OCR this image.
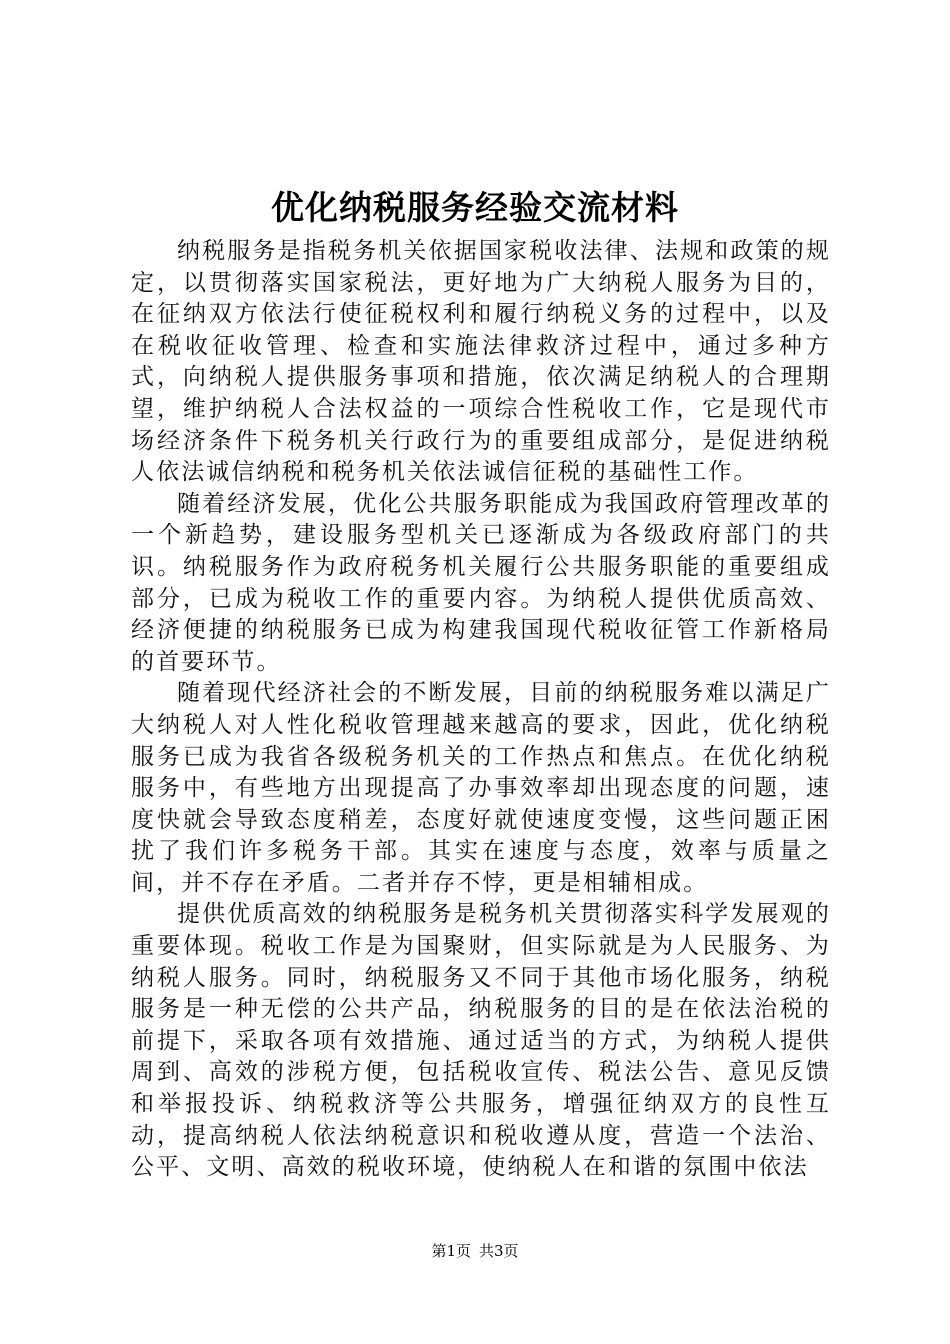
优化纳税服务经验交流材料

纳税服务是指税务机关依据国家税收法律、法规和政策的规定，以贯彻落实国家税法，更好地为广大纳税人服务为目的，在征纳双方依法行使征税权利和履行纳税义务的过程中，以及在税收征收管理、检查和实施法律救济过程中，通过多种方式，向纳税人提供服务事项和措施，依次满足纳税人的合理期望，维护纳税人合法权益的一项综合性税收工作，它是现代市场经济条件下税务机关行政行为的重要组成部分，是促进纳税人依法诚信纳税和税务机关依法诚信征税的基础性工作。

随着经济发展，优化公共服务职能成为我国政府管理改革的一个新趋势，建设服务型机关已逐渐成为各级政府部门的共识。纳税服务作为政府税务机关履行公共服务职能的重要组成部分，已成为税收工作的重要内容。为纳税人提供优质高效、经济便捷的纳税服务已成为构建我国现代税收征管工作新格局的首要环节。

随着现代经济社会的不断发展，目前的纳税服务难以满足广大纳税人对人性化税收管理越来越高的要求，因此，优化纳税服务已成为我省各级税务机关的工作热点和焦点。在优化纳税服务中，有些地方出现提高了办事效率却出现态度的问题，速度快就会导致态度稍差，态度好就使速度变慢，这些问题正困扰了我们许多税务干部。其实在速度与态度，效率与质量之间，并不存在矛盾。二者并存不悖，更是相辅相成。

提供优质高效的纳税服务是税务机关贯彻落实科学发展观的重要体现。税收工作是为国聚财，但实际就是为人民服务、为纳税人服务。同时，纳税服务又不同于其他市场化服务，纳税服务是一种无偿的公共产品，纳税服务的目的是在依法治税的前提下，采取各项有效措施、通过适当的方式，为纳税人提供周到、高效的涉税方便，包括税收宣传、税法公告、意见反馈和举报投诉、纳税救济等公共服务，增强征纳双方的良性互动，提高纳税人依法纳税意识和税收遵从度，营造一个法治、公平、文明、高效的税收环境，使纳税人在和谐的氛围中依法

第1页 共3页
